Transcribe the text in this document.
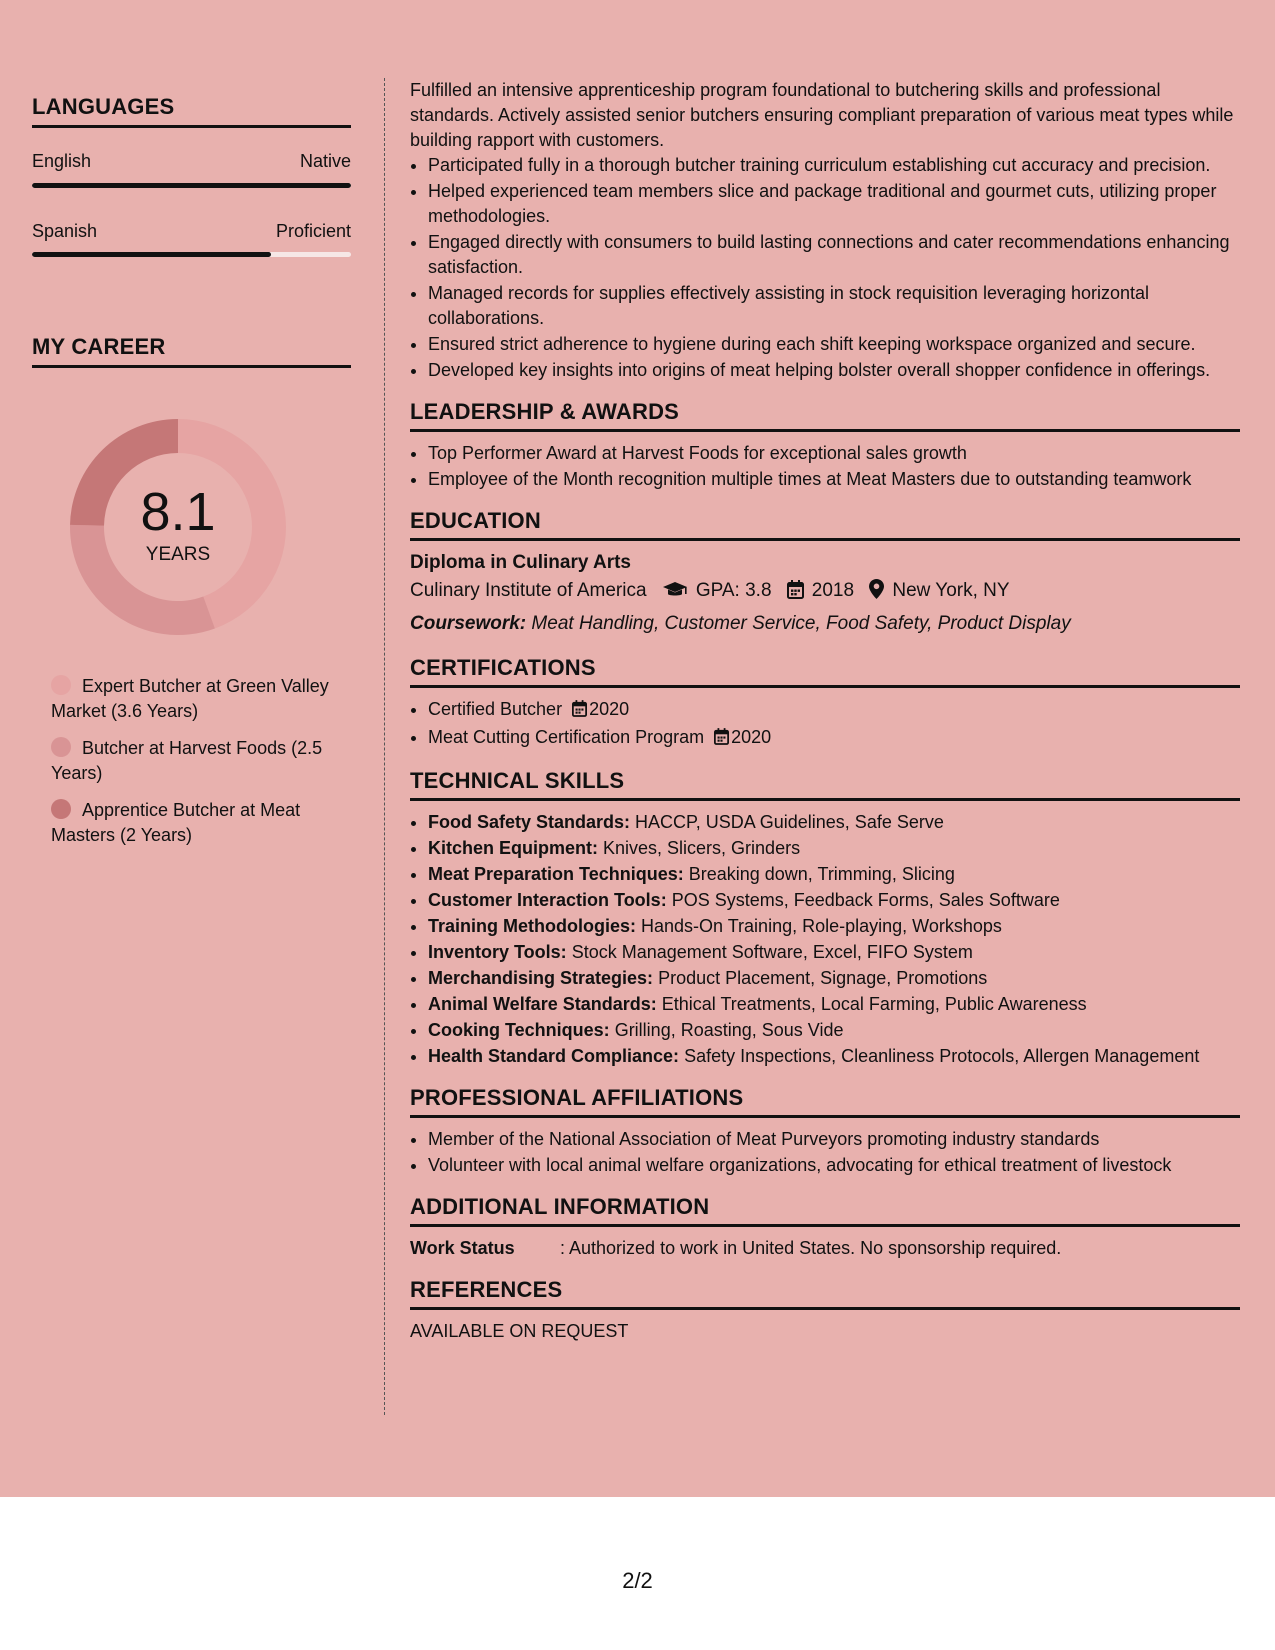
LANGUAGES
English	Native
Spanish	Proficient
MY CAREER
8.1
YEARS
Expert Butcher at Green Valley Market (3.6 Years)
Butcher at Harvest Foods (2.5 Years)
Apprentice Butcher at Meat Masters (2 Years)

Fulfilled an intensive apprenticeship program foundational to butchering skills and professional standards. Actively assisted senior butchers ensuring compliant preparation of various meat types while building rapport with customers.

• Participated fully in a thorough butcher training curriculum establishing cut accuracy and precision.
• Helped experienced team members slice and package traditional and gourmet cuts, utilizing proper methodologies.
• Engaged directly with consumers to build lasting connections and cater recommendations enhancing satisfaction.
• Managed records for supplies effectively assisting in stock requisition leveraging horizontal collaborations.
• Ensured strict adherence to hygiene during each shift keeping workspace organized and secure.
• Developed key insights into origins of meat helping bolster overall shopper confidence in offerings.
LEADERSHIP & AWARDS
• Top Performer Award at Harvest Foods for exceptional sales growth
• Employee of the Month recognition multiple times at Meat Masters due to outstanding teamwork
EDUCATION
Diploma in Culinary Arts
Culinary Institute of America	GPA: 3.8 2018 New York, NY
Coursework: Meat Handling, Customer Service, Food Safety, Product Display
CERTIFICATIONS
• Certified Butcher 2020
• Meat Cutting Certification Program 2020
TECHNICAL SKILLS
• Food Safety Standards: HACCP, USDA Guidelines, Safe Serve
• Kitchen Equipment: Knives, Slicers, Grinders
• Meat Preparation Techniques: Breaking down, Trimming, Slicing
• Customer Interaction Tools: POS Systems, Feedback Forms, Sales Software
• Training Methodologies: Hands-On Training, Role-playing, Workshops
• Inventory Tools: Stock Management Software, Excel, FIFO System
• Merchandising Strategies: Product Placement, Signage, Promotions
• Animal Welfare Standards: Ethical Treatments, Local Farming, Public Awareness
• Cooking Techniques: Grilling, Roasting, Sous Vide
• Health Standard Compliance: Safety Inspections, Cleanliness Protocols, Allergen Management
PROFESSIONAL AFFILIATIONS
• Member of the National Association of Meat Purveyors promoting industry standards
• Volunteer with local animal welfare organizations, advocating for ethical treatment of livestock
ADDITIONAL INFORMATION
Work Status	: Authorized to work in United States. No sponsorship required.
REFERENCES
AVAILABLE ON REQUEST
2/2
